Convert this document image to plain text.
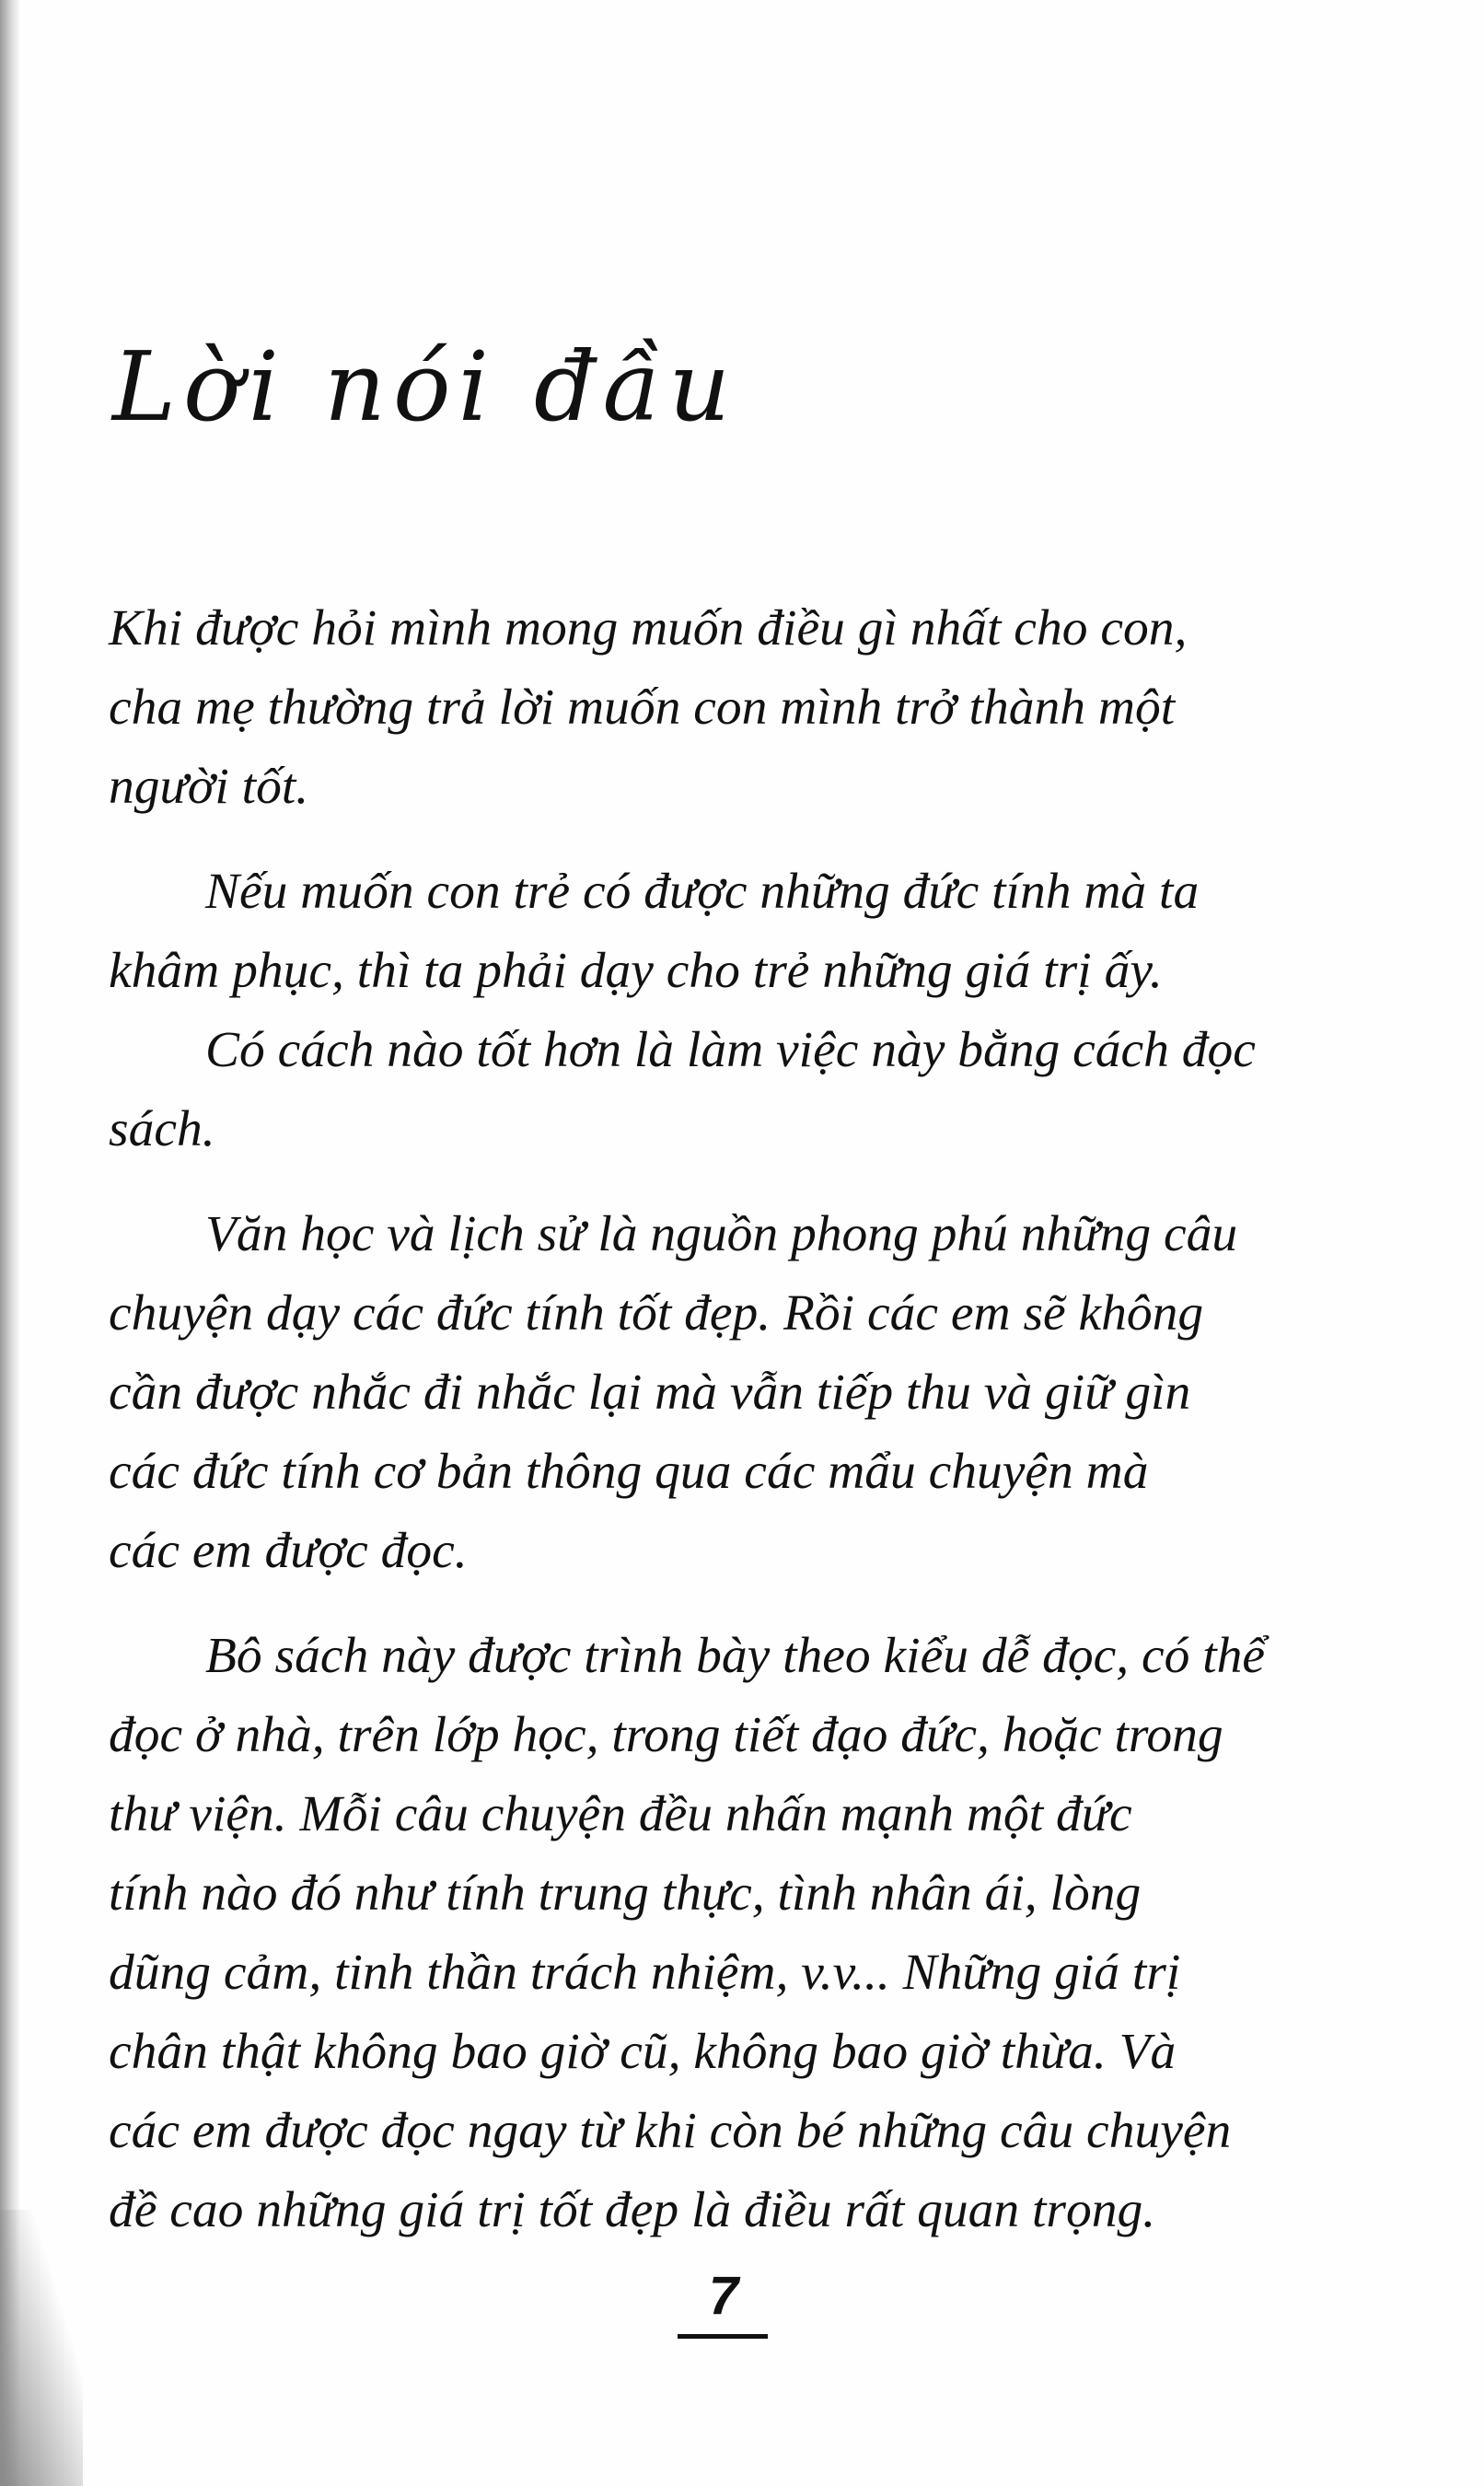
Lời nói đầu

Khi được hỏi mình mong muốn điều gì nhất cho con,
cha mẹ thường trả lời muốn con mình trở thành một
người tốt.

Nếu muốn con trẻ có được những đức tính mà ta
khâm phục, thì ta phải dạy cho trẻ những giá trị ấy.
Có cách nào tốt hơn là làm việc này bằng cách đọc
sách.

Văn học và lịch sử là nguồn phong phú những câu
chuyện dạy các đức tính tốt đẹp. Rồi các em sẽ không
cần được nhắc đi nhắc lại mà vẫn tiếp thu và giữ gìn
các đức tính cơ bản thông qua các mẩu chuyện mà
các em được đọc.

Bô sách này được trình bày theo kiểu dễ đọc, có thể
đọc ở nhà, trên lớp học, trong tiết đạo đức, hoặc trong
thư viện. Mỗi câu chuyện đều nhấn mạnh một đức
tính nào đó như tính trung thực, tình nhân ái, lòng
dũng cảm, tinh thần trách nhiệm, v.v... Những giá trị
chân thật không bao giờ cũ, không bao giờ thừa. Và
các em được đọc ngay từ khi còn bé những câu chuyện
đề cao những giá trị tốt đẹp là điều rất quan trọng.

7
